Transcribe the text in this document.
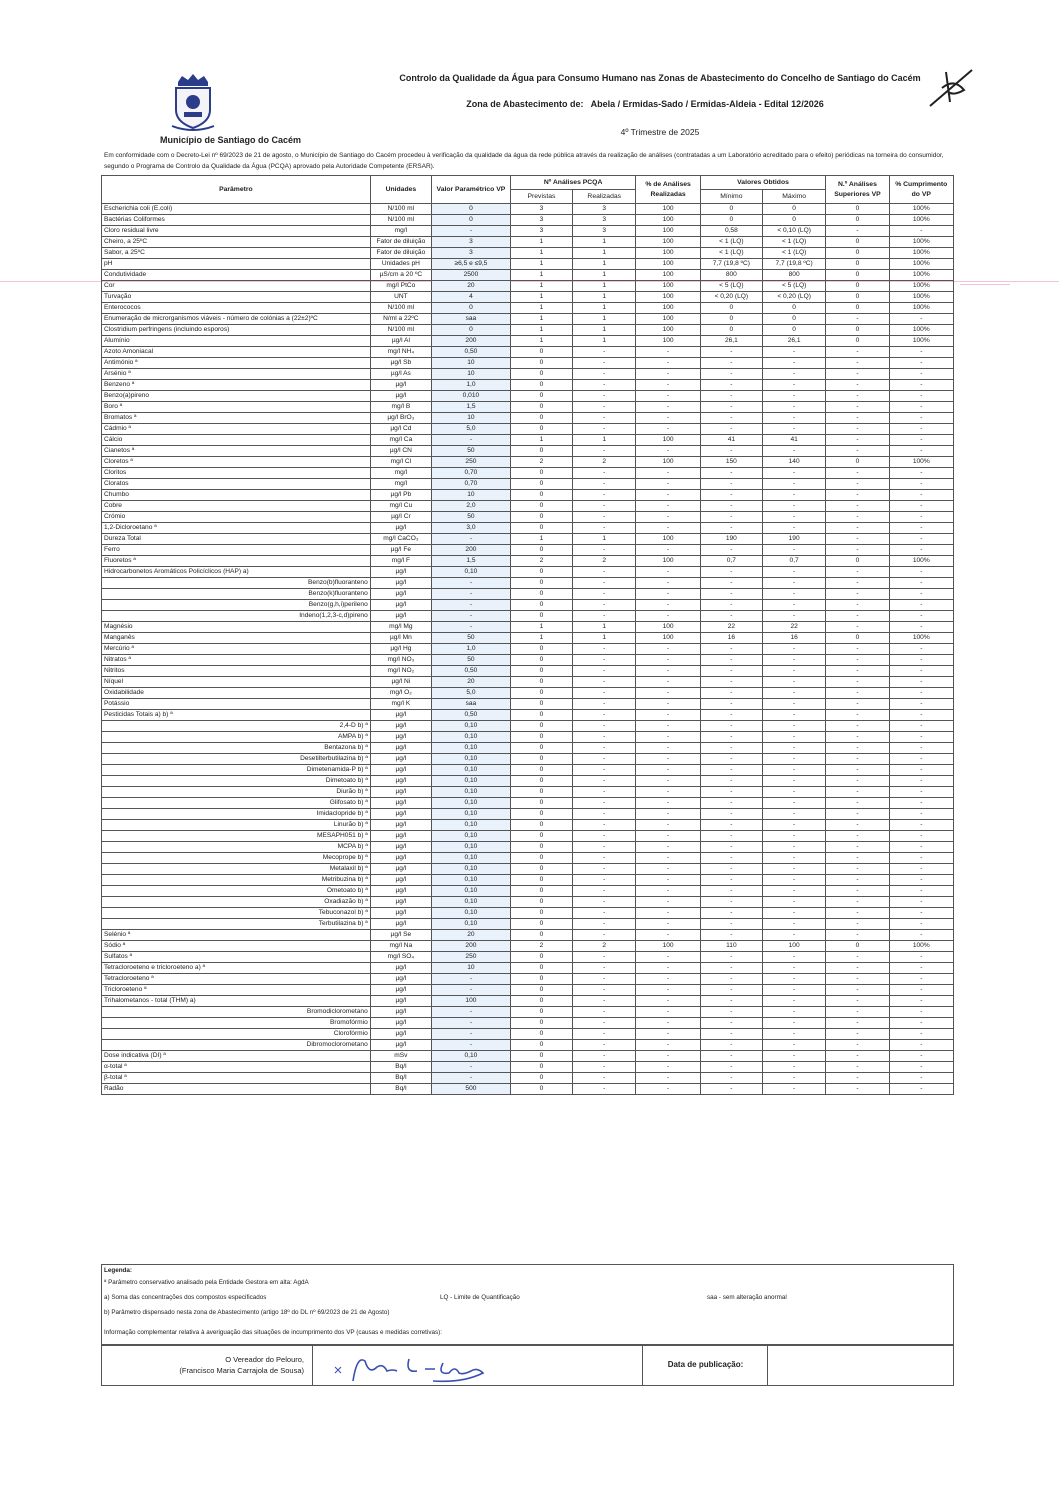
Município de Santiago do Cacém
Controlo da Qualidade da Água para Consumo Humano nas Zonas de Abastecimento do Concelho de Santiago do Cacém
Zona de Abastecimento de: Abela / Ermidas-Sado / Ermidas-Aldeia - Edital 12/2026
4º Trimestre de 2025
Em conformidade com o Decreto-Lei nº 69/2023 de 21 de agosto, o Município de Santiago do Cacém procedeu à verificação da qualidade da água da rede pública através da realização de análises (contratadas a um Laboratório acreditado para o efeito) periódicas na torneira do consumidor, segundo o Programa de Controlo da Qualidade da Água (PCQA) aprovado pela Autoridade Competente (ERSAR).
Parâmetro	Unidades	Valor Paramétrico VP	Nº Análises PCQA		% de Análises Realizadas	Valores Obtidos		N.º Análises Superiores VP	% Cumprimento do VP
			Previstas	Realizadas		Mínimo	Máximo		
Escherichia coli (E.coli)	N/100 ml	0	3	3	100	0	0	0	100%
Bactérias Coliformes	N/100 ml	0	3	3	100	0	0	0	100%
Cloro residual livre	mg/l	-	3	3	100	0,58	< 0,10 (LQ)	-	-
Cheiro, a 25ºC	Fator de diluição	3	1	1	100	< 1 (LQ)	< 1 (LQ)	0	100%
Sabor, a 25ºC	Fator de diluição	3	1	1	100	< 1 (LQ)	< 1 (LQ)	0	100%
pH	Unidades pH	≥6,5 e ≤9,5	1	1	100	7,7 (19,8 ºC)	7,7 (19,8 ºC)	0	100%
Condutividade	µS/cm a 20 ºC	2500	1	1	100	800	800	0	100%
Cor	mg/l PtCo	20	1	1	100	< 5 (LQ)	< 5 (LQ)	0	100%
Turvação	UNT	4	1	1	100	< 0,20 (LQ)	< 0,20 (LQ)	0	100%
Enterococos	N/100 ml	0	1	1	100	0	0	0	100%
Enumeração de microrganismos viáveis - número de colónias a (22±2)ºC	N/ml a 22ºC	saa	1	1	100	0	0	-	-
Clostridium perfringens (incluindo esporos)	N/100 ml	0	1	1	100	0	0	0	100%
Alumínio	µg/l Al	200	1	1	100	26,1	26,1	0	100%
Azoto Amoniacal	mg/l NH₄	0,50	0	-	-	-	-	-	-
Antimónio ª	µg/l Sb	10	0	-	-	-	-	-	-
Arsénio ª	µg/l As	10	0	-	-	-	-	-	-
Benzeno ª	µg/l	1,0	0	-	-	-	-	-	-
Benzo(a)pireno	µg/l	0,010	0	-	-	-	-	-	-
Boro ª	mg/l B	1,5	0	-	-	-	-	-	-
Bromatos ª	µg/l BrO₃	10	0	-	-	-	-	-	-
Cádmio ª	µg/l Cd	5,0	0	-	-	-	-	-	-
Cálcio	mg/l Ca	-	1	1	100	41	41	-	-
Cianetos ª	µg/l CN	50	0	-	-	-	-	-	-
Cloretos ª	mg/l Cl	250	2	2	100	150	140	0	100%
Cloritos	mg/l	0,70	0	-	-	-	-	-	-
Cloratos	mg/l	0,70	0	-	-	-	-	-	-
Chumbo	µg/l Pb	10	0	-	-	-	-	-	-
Cobre	mg/l Cu	2,0	0	-	-	-	-	-	-
Crómio	µg/l Cr	50	0	-	-	-	-	-	-
1,2-Dicloroetano ª	µg/l	3,0	0	-	-	-	-	-	-
Dureza Total	mg/l CaCO₃	-	1	1	100	190	190	-	-
Ferro	µg/l Fe	200	0	-	-	-	-	-	-
Fluoretos ª	mg/l F	1,5	2	2	100	0,7	0,7	0	100%
Hidrocarbonetos Aromáticos Policíclicos (HAP) a)	µg/l	0,10	0	-	-	-	-	-	-
Benzo(b)fluoranteno	µg/l	-	0	-	-	-	-	-	-
Benzo(k)fluoranteno	µg/l	-	0	-	-	-	-	-	-
Benzo(g,h,i)perileno	µg/l	-	0	-	-	-	-	-	-
Indeno(1,2,3-c,d)pireno	µg/l	-	0	-	-	-	-	-	-
Magnésio	mg/l Mg	-	1	1	100	22	22	-	-
Manganês	µg/l Mn	50	1	1	100	16	16	0	100%
Mercúrio ª	µg/l Hg	1,0	0	-	-	-	-	-	-
Nitratos ª	mg/l NO₃	50	0	-	-	-	-	-	-
Nitritos	mg/l NO₂	0,50	0	-	-	-	-	-	-
Níquel	µg/l Ni	20	0	-	-	-	-	-	-
Oxidabilidade	mg/l O₂	5,0	0	-	-	-	-	-	-
Potássio	mg/l K	saa	0	-	-	-	-	-	-
Pesticidas Totais a) b) ª	µg/l	0,50	0	-	-	-	-	-	-
2,4-D b) ª	µg/l	0,10	0	-	-	-	-	-	-
AMPA b) ª	µg/l	0,10	0	-	-	-	-	-	-
Bentazona b) ª	µg/l	0,10	0	-	-	-	-	-	-
Desetilterbutilazina b) ª	µg/l	0,10	0	-	-	-	-	-	-
Dimetenamida-P b) ª	µg/l	0,10	0	-	-	-	-	-	-
Dimetoato b) ª	µg/l	0,10	0	-	-	-	-	-	-
Diurão b) ª	µg/l	0,10	0	-	-	-	-	-	-
Glifosato b) ª	µg/l	0,10	0	-	-	-	-	-	-
Imidaclopride b) ª	µg/l	0,10	0	-	-	-	-	-	-
Linurão b) ª	µg/l	0,10	0	-	-	-	-	-	-
MESAPH051 b) ª	µg/l	0,10	0	-	-	-	-	-	-
MCPA b) ª	µg/l	0,10	0	-	-	-	-	-	-
Mecoprope b) ª	µg/l	0,10	0	-	-	-	-	-	-
Metalaxil b) ª	µg/l	0,10	0	-	-	-	-	-	-
Metribuzina b) ª	µg/l	0,10	0	-	-	-	-	-	-
Ometoato b) ª	µg/l	0,10	0	-	-	-	-	-	-
Oxadiazão b) ª	µg/l	0,10	0	-	-	-	-	-	-
Tebuconazol b) ª	µg/l	0,10	0	-	-	-	-	-	-
Terbutilazina b) ª	µg/l	0,10	0	-	-	-	-	-	-
Selénio ª	µg/l Se	20	0	-	-	-	-	-	-
Sódio ª	mg/l Na	200	2	2	100	110	100	0	100%
Sulfatos ª	mg/l SO₄	250	0	-	-	-	-	-	-
Tetracloroeteno e tricloroeteno a) ª	µg/l	10	0	-	-	-	-	-	-
Tetracloroeteno ª	µg/l	-	0	-	-	-	-	-	-
Tricloroeteno ª	µg/l	-	0	-	-	-	-	-	-
Trihalometanos - total (THM) a)	µg/l	100	0	-	-	-	-	-	-
Bromodiclorometano	µg/l	-	0	-	-	-	-	-	-
Bromofórmio	µg/l	-	0	-	-	-	-	-	-
Clorofórmio	µg/l	-	0	-	-	-	-	-	-
Dibromoclorometano	µg/l	-	0	-	-	-	-	-	-
Dose indicativa (DI) ª	mSv	0,10	0	-	-	-	-	-	-
α-total ª	Bq/l	-	0	-	-	-	-	-	-
β-total ª	Bq/l	-	0	-	-	-	-	-	-
Radão	Bq/l	500	0	-	-	-	-	-	-
Legenda:
ª Parâmetro conservativo analisado pela Entidade Gestora em alta: AgdA
a) Soma das concentrações dos compostos especificados	LQ - Limite de Quantificação	saa - sem alteração anormal
b) Parâmetro dispensado nesta zona de Abastecimento (artigo 18º do DL nº 69/2023 de 21 de Agosto)
Informação complementar relativa à averiguação das situações de incumprimento dos VP (causas e medidas corretivas):
O Vereador do Pelouro,
(Francisco Maria Carrajola de Sousa)
Data de publicação:
